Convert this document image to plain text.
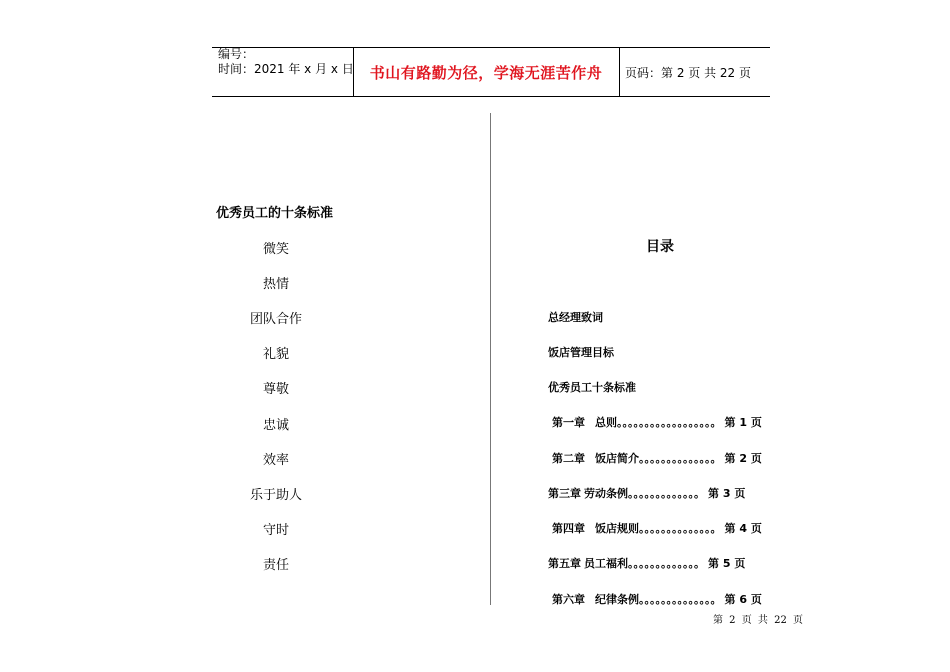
编号：
时间：2021 年 x 月 x 日	书山有路勤为径，学海无涯苦作舟	页码：第 2 页 共 22 页
优秀员工的十条标准
微笑
热情
团队合作
礼貌
尊敬
忠诚
效率
乐于助人
守时
责任
目录
总经理致词
饭店管理目标
优秀员工十条标准
第一章 总则。。。。。。。。。。。。。。。。。。 第 1 页
第二章 饭店简介。。。。。。。。。。。。。。 第 2 页
第三章 劳动条例。。。。。。。。。。。。。 第 3 页
第四章 饭店规则。。。。。。。。。。。。。。 第 4 页
第五章 员工福利。。。。。。。。。。。。。 第 5 页
第六章 纪律条例。。。。。。。。。。。。。。 第 6 页
第 2 页 共 22 页
